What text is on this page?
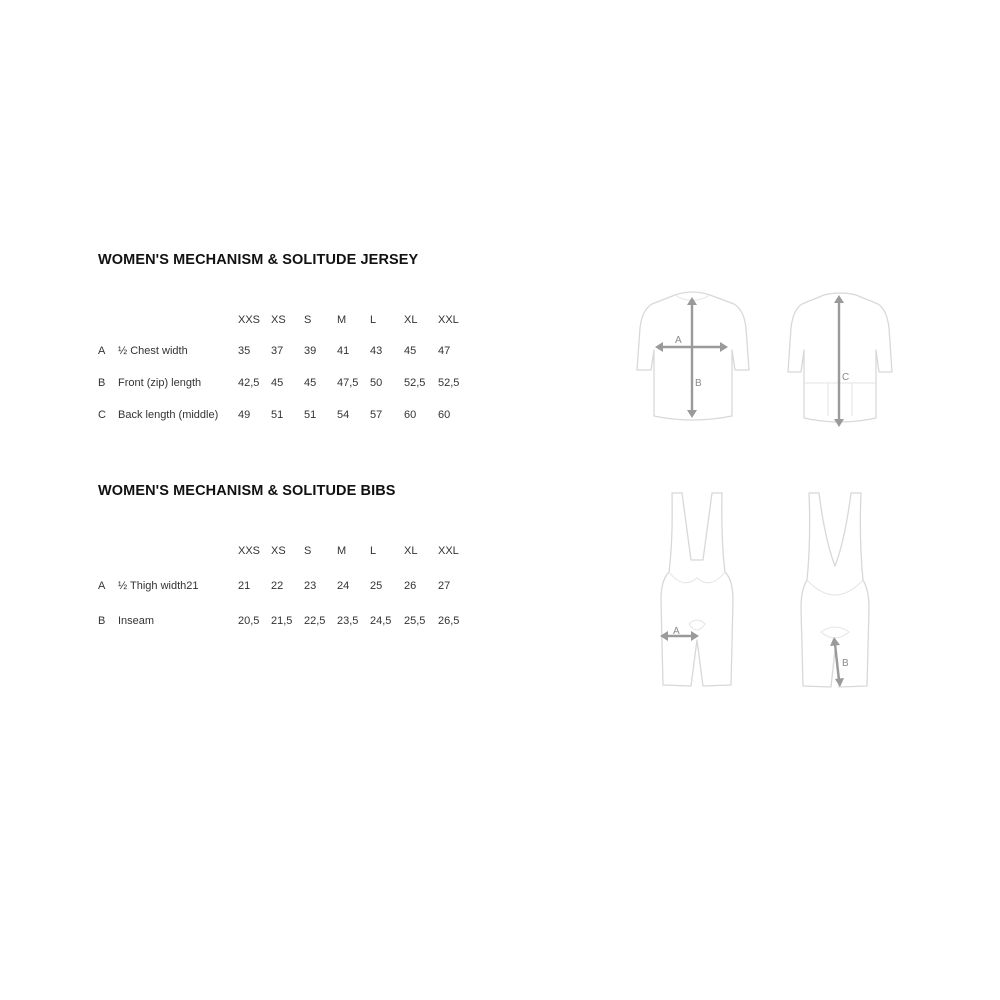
WOMEN'S MECHANISM & SOLITUDE JERSEY
XXS XS S M L	XL XXL
A ½ Chest width	35 37 39 41 43 45 47
B Front (zip) length	42,5 45 45 47,5 50 52,5 52,5
C Back length (middle) 49 51 51 54 57 60 60
A
B
C
WOMEN'S MECHANISM & SOLITUDE BIBS
XXS XS S M L	XL XXL
A ½ Thigh width21	21 22 23 24 25 26 27
B Inseam	20,5 21,5 22,5 23,5 24,5 25,5 26,5
A
B
